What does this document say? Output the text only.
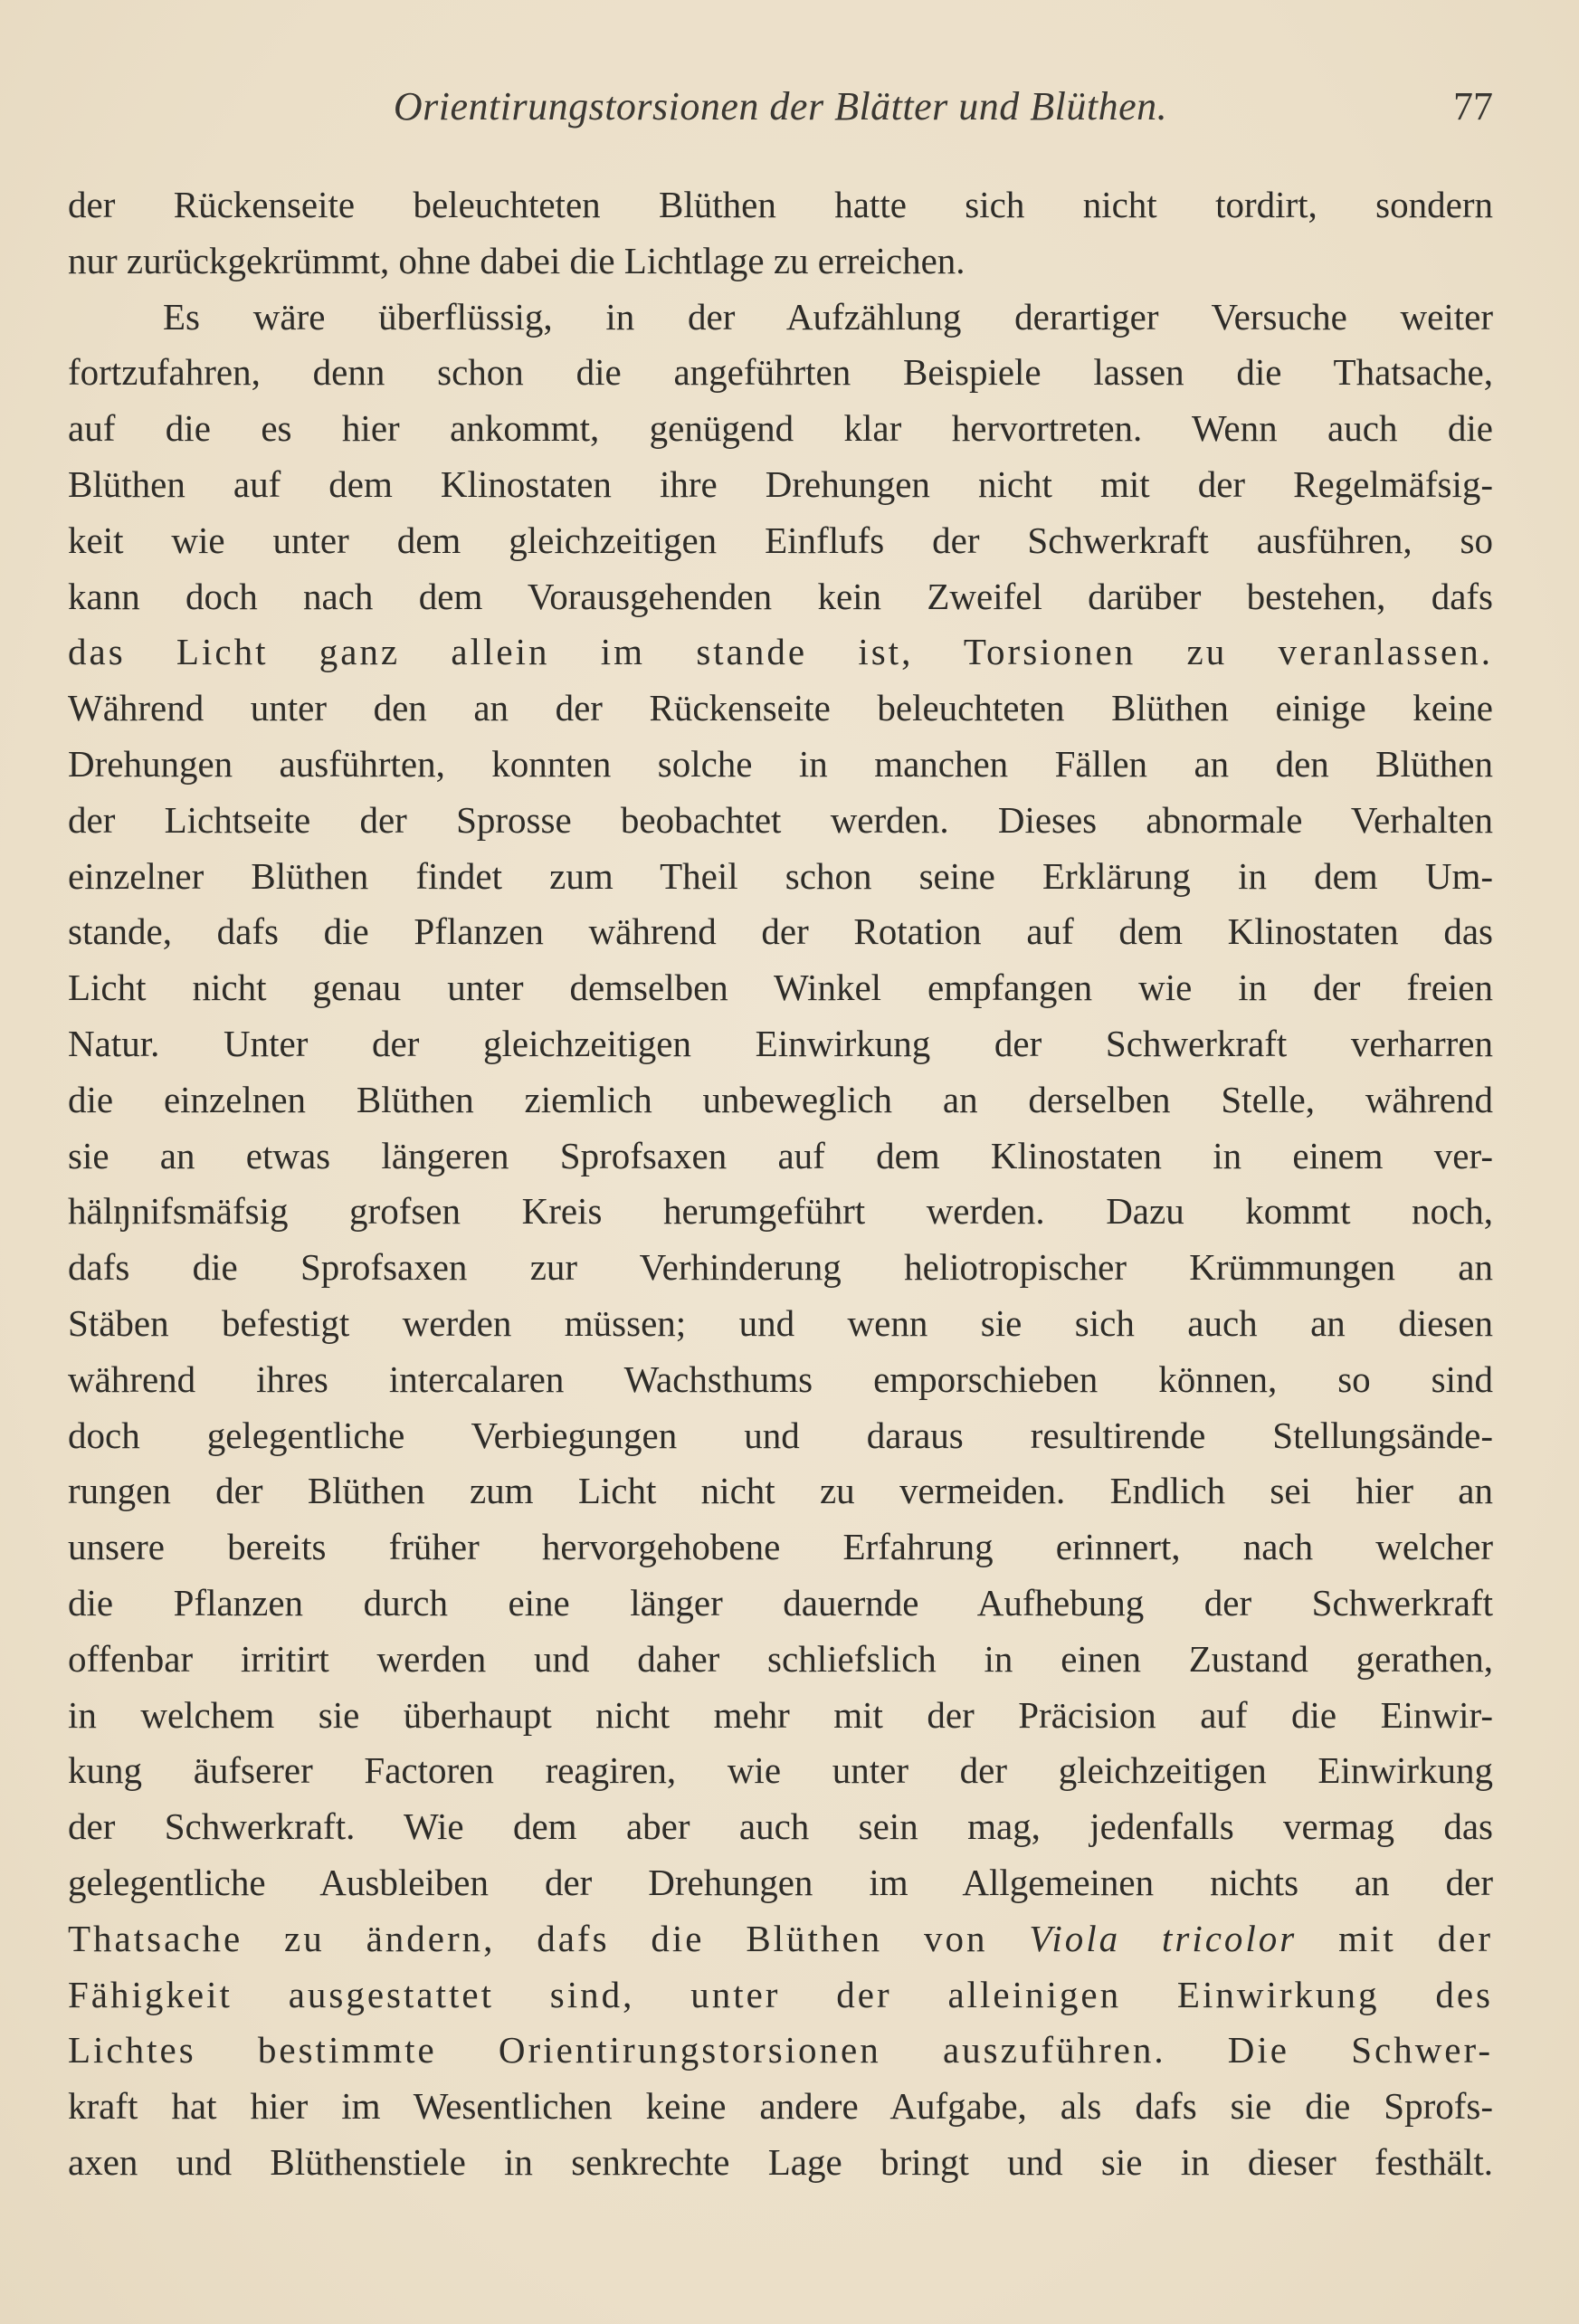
Orientirungstorsionen der Blätter und Blüthen.	77
der Rückenseite beleuchteten Blüthen hatte sich nicht tordirt, sondern
nur zurückgekrümmt, ohne dabei die Lichtlage zu erreichen.
Es wäre überflüssig, in der Aufzählung derartiger Versuche weiter
fortzufahren, denn schon die angeführten Beispiele lassen die Thatsache,
auf die es hier ankommt, genügend klar hervortreten. Wenn auch die
Blüthen auf dem Klinostaten ihre Drehungen nicht mit der Regelmäfsig-
keit wie unter dem gleichzeitigen Einflufs der Schwerkraft ausführen, so
kann doch nach dem Vorausgehenden kein Zweifel darüber bestehen, dafs
das Licht ganz allein im stande ist, Torsionen zu veranlassen.
Während unter den an der Rückenseite beleuchteten Blüthen einige keine
Drehungen ausführten, konnten solche in manchen Fällen an den Blüthen
der Lichtseite der Sprosse beobachtet werden. Dieses abnormale Verhalten
einzelner Blüthen findet zum Theil schon seine Erklärung in dem Um-
stande, dafs die Pflanzen während der Rotation auf dem Klinostaten das
Licht nicht genau unter demselben Winkel empfangen wie in der freien
Natur. Unter der gleichzeitigen Einwirkung der Schwerkraft verharren
die einzelnen Blüthen ziemlich unbeweglich an derselben Stelle, während
sie an etwas längeren Sprofsaxen auf dem Klinostaten in einem ver-
hälŋnifsmäfsig grofsen Kreis herumgeführt werden. Dazu kommt noch,
dafs die Sprofsaxen zur Verhinderung heliotropischer Krümmungen an
Stäben befestigt werden müssen; und wenn sie sich auch an diesen
während ihres intercalaren Wachsthums emporschieben können, so sind
doch gelegentliche Verbiegungen und daraus resultirende Stellungsände-
rungen der Blüthen zum Licht nicht zu vermeiden. Endlich sei hier an
unsere bereits früher hervorgehobene Erfahrung erinnert, nach welcher
die Pflanzen durch eine länger dauernde Aufhebung der Schwerkraft
offenbar irritirt werden und daher schliefslich in einen Zustand gerathen,
in welchem sie überhaupt nicht mehr mit der Präcision auf die Einwir-
kung äufserer Factoren reagiren, wie unter der gleichzeitigen Einwirkung
der Schwerkraft. Wie dem aber auch sein mag, jedenfalls vermag das
gelegentliche Ausbleiben der Drehungen im Allgemeinen nichts an der
Thatsache zu ändern, dafs die Blüthen von Viola tricolor mit der
Fähigkeit ausgestattet sind, unter der alleinigen Einwirkung des
Lichtes bestimmte Orientirungstorsionen auszuführen. Die Schwer-
kraft hat hier im Wesentlichen keine andere Aufgabe, als dafs sie die Sprofs-
axen und Blüthenstiele in senkrechte Lage bringt und sie in dieser festhält.
